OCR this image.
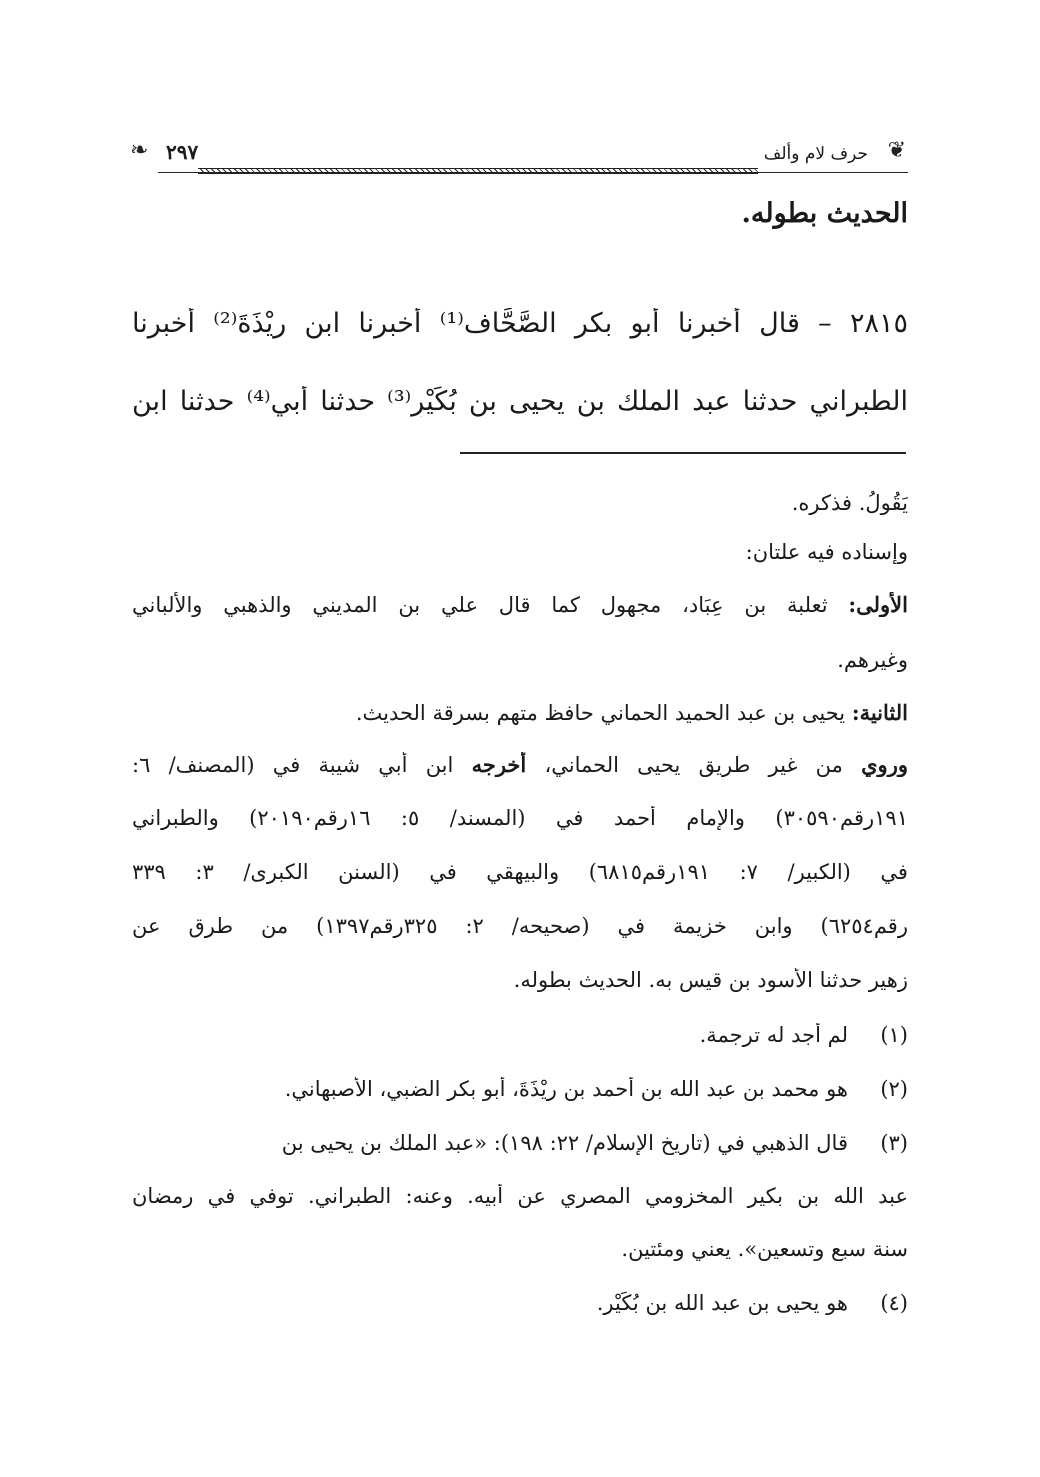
❦
حرف لام وألف
٢٩٧
❧
الحديث بطوله.
٢٨١٥ – قال أخبرنا أبو بكر الصَّحَّاف⁽¹⁾ أخبرنا ابن رِيْذَةَ⁽²⁾ أخبرنا
الطبراني حدثنا عبد الملك بن يحيى بن بُكَيْرٍ⁽³⁾ حدثنا أبي⁽⁴⁾ حدثنا ابن
يَقُولُ. فذكره.
وإسناده فيه علتان:
الأولى: ثعلبة بن عِبَاد، مجهول كما قال علي بن المديني والذهبي والألباني
وغيرهم.
الثانية: يحيى بن عبد الحميد الحماني حافظ متهم بسرقة الحديث.
وروي من غير طريق يحيى الحماني، أخرجه ابن أبي شيبة في (المصنف/ ٦:
١٩١رقم٣٠٥٩٠) والإمام أحمد في (المسند/ ٥: ١٦رقم٢٠١٩٠) والطبراني
في (الكبير/ ٧: ١٩١رقم٦٨١٥) والبيهقي في (السنن الكبرى/ ٣: ٣٣٩
رقم٦٢٥٤) وابن خزيمة في (صحيحه/ ٢: ٣٢٥رقم١٣٩٧) من طرق عن
زهير حدثنا الأسود بن قيس به. الحديث بطوله.
(١)لم أجد له ترجمة.
(٢)هو محمد بن عبد الله بن أحمد بن رِيْذَةَ، أبو بكر الضبي، الأصبهاني.
(٣)قال الذهبي في (تاريخ الإسلام/ ٢٢: ١٩٨): «عبد الملك بن يحيى بن
عبد الله بن بكير المخزومي المصري عن أبيه. وعنه: الطبراني. توفي في رمضان
سنة سبع وتسعين». يعني ومئتين.
(٤)هو يحيى بن عبد الله بن بُكَيْر.
